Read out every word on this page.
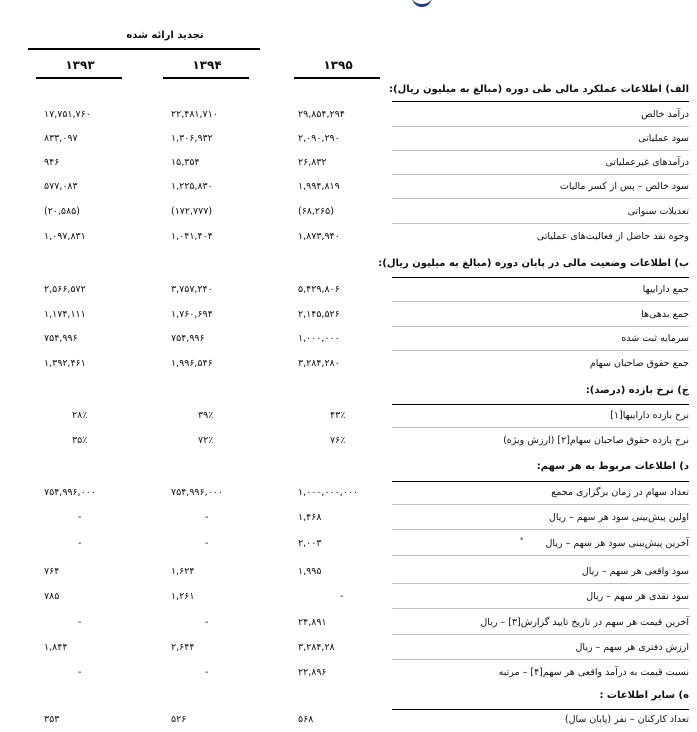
تجدید ارائه شده
۱۳۹۵
۱۳۹۴
۱۳۹۳
الف) اطلاعات عملکرد مالی طی دوره (مبالغ به میلیون ریال):
درآمد خالص
۲۹,۸۵۴,۲۹۴
۲۲,۴۸۱,۷۱۰
۱۷,۷۵۱,۷۶۰
سود عملیاتی
۲,۰۹۰,۲۹۰
۱,۳۰۶,۹۳۲
۸۳۳,۰۹۷
درآمدهای غیرعملیاتی
۲۶,۸۳۲
۱۵,۳۵۴
۹۴۶
سود خالص – پس از کسر مالیات
۱,۹۹۴,۸۱۹
۱,۲۲۵,۸۳۰
۵۷۷,۰۸۳
تعدیلات سنواتی
(۶۸,۲۶۵)
(۱۷۲,۷۷۷)
(۲۰,۵۸۵)
وجوه نقد حاصل از فعالیت‌های عملیاتی
۱,۸۷۳,۹۴۰
۱,۰۴۱,۴۰۴
۱,۰۹۷,۸۳۱
ب) اطلاعات وضعیت مالی در پایان دوره (مبالغ به میلیون ریال):
جمع داراییها
۵,۴۲۹,۸۰۶
۳,۷۵۷,۲۴۰
۲,۵۶۶,۵۷۲
جمع بدهی‌ها
۲,۱۴۵,۵۲۶
۱,۷۶۰,۶۹۴
۱,۱۷۴,۱۱۱
سرمایه ثبت شده
۱,۰۰۰,۰۰۰
۷۵۴,۹۹۶
۷۵۴,۹۹۶
جمع حقوق صاحبان سهام
۳,۲۸۴,۲۸۰
۱,۹۹۶,۵۴۶
۱,۳۹۲,۴۶۱
ج) نرخ بازده (درصد):
نرخ بازده داراییها[۱]
۴۳٪
۳۹٪
۲۸٪
نرخ بازده حقوق صاحبان سهام[۲] (ارزش ویژه)
۷۶٪
۷۲٪
۳۵٪
د) اطلاعات مربوط به هر سهم:
تعداد سهام در زمان برگزاری مجمع
۱,۰۰۰,۰۰۰,۰۰۰
۷۵۴,۹۹۶,۰۰۰
۷۵۴,۹۹۶,۰۰۰
اولین پیش‌بینی سود هر سهم – ریال
۱,۴۶۸
-
-
* آخرین پیش‌بینی سود هر سهم – ریال
۲,۰۰۳
-
-
سود واقعی هر سهم – ریال
۱,۹۹۵
۱,۶۲۴
۷۶۴
سود نقدی هر سهم – ریال
-
۱,۲۶۱
۷۸۵
آخرین قیمت هر سهم در تاریخ تایید گزارش[۳] – ریال
۲۴,۸۹۱
-
-
ارزش دفتری هر سهم – ریال
۳,۲۸۴,۲۸
۲,۶۴۴
۱,۸۴۴
نسبت قیمت به درآمد واقعی هر سهم[۴] – مرتبه
۲۲,۸۹۶
-
-
ه) سایر اطلاعات :
تعداد کارکنان – نفر (پایان سال)
۵۶۸
۵۲۶
۳۵۳
